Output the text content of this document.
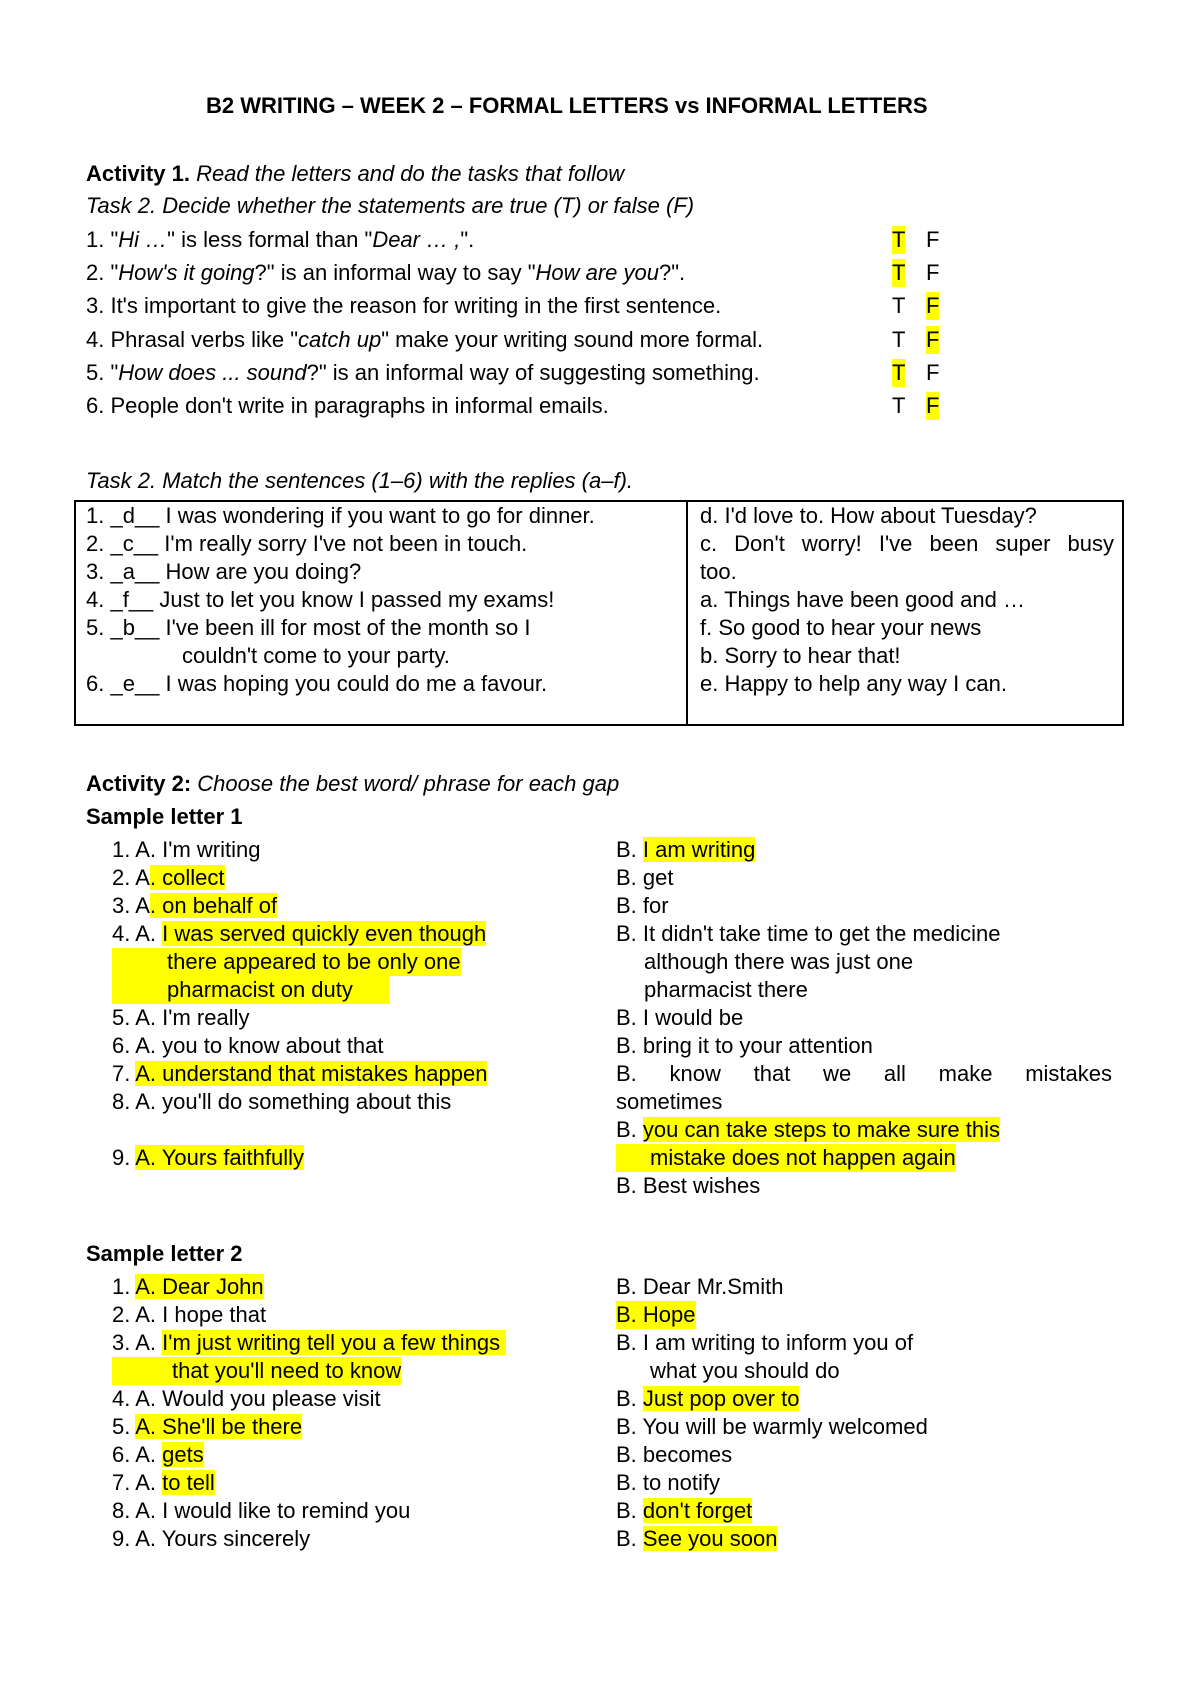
B2 WRITING – WEEK 2 – FORMAL LETTERS vs INFORMAL LETTERS
Activity 1. Read the letters and do the tasks that follow
Task 2. Decide whether the statements are true (T) or false (F)
1. "Hi …" is less formal than "Dear … ,".
2. "How's it going?" is an informal way to say "How are you?".
3. It's important to give the reason for writing in the first sentence.
4. Phrasal verbs like "catch up" make your writing sound more formal.
5. "How does ... sound?" is an informal way of suggesting something.
6. People don't write in paragraphs in informal emails.
T F
T F
T F
T F
T F
T F
Task 2. Match the sentences (1–6) with the replies (a–f).
1. _d__ I was wondering if you want to go for dinner.
2. _c__ I'm really sorry I've not been in touch.
3. _a__ How are you doing?
4. _f__ Just to let you know I passed my exams!
5. _b__ I've been ill for most of the month so I
couldn't come to your party.
6. _e__ I was hoping you could do me a favour.
d. I'd love to. How about Tuesday?
c. Don't worry! I've been super busy
too.
a. Things have been good and …
f. So good to hear your news
b. Sorry to hear that!
e. Happy to help any way I can.
Activity 2: Choose the best word/ phrase for each gap
Sample letter 1
1. A. I'm writing
2. A. collect
3. A. on behalf of
4. A. I was served quickly even though
there appeared to be only one
pharmacist on duty
5. A. I'm really
6. A. you to know about that
7. A. understand that mistakes happen
8. A. you'll do something about this
9. A. Yours faithfully
B. I am writing
B. get
B. for
B. It didn't take time to get the medicine
although there was just one
pharmacist there
B. I would be
B. bring it to your attention
B.   know   that   we   all   make   mistakes
sometimes
B. you can take steps to make sure this
mistake does not happen again
B. Best wishes
Sample letter 2
1. A. Dear John
2. A. I hope that
3. A. I'm just writing tell you a few things
that you'll need to know
4. A. Would you please visit
5. A. She'll be there
6. A. gets
7. A. to tell
8. A. I would like to remind you
9. A. Yours sincerely
B. Dear Mr.Smith
B. Hope
B. I am writing to inform you of
what you should do
B. Just pop over to
B. You will be warmly welcomed
B. becomes
B. to notify
B. don't forget
B. See you soon
